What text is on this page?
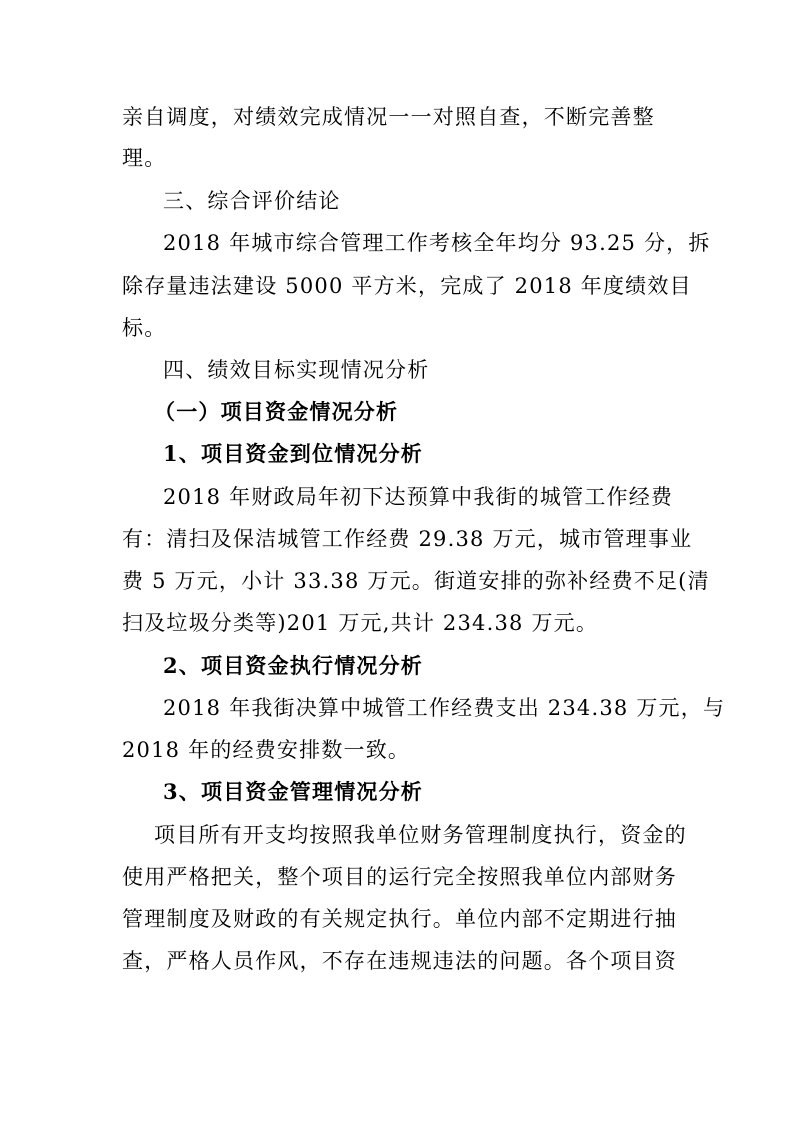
亲自调度，对绩效完成情况一一对照自查，不断完善整
理。
三、综合评价结论
2018 年城市综合管理工作考核全年均分 93.25 分，拆
除存量违法建设 5000 平方米，完成了 2018 年度绩效目
标。
四、绩效目标实现情况分析
（一）项目资金情况分析
1、项目资金到位情况分析
2018 年财政局年初下达预算中我街的城管工作经费
有：清扫及保洁城管工作经费 29.38 万元，城市管理事业
费 5 万元，小计 33.38 万元。街道安排的弥补经费不足(清
扫及垃圾分类等)201 万元,共计 234.38 万元。
2、项目资金执行情况分析
2018 年我街决算中城管工作经费支出 234.38 万元，与
2018 年的经费安排数一致。
3、项目资金管理情况分析
项目所有开支均按照我单位财务管理制度执行，资金的
使用严格把关，整个项目的运行完全按照我单位内部财务
管理制度及财政的有关规定执行。单位内部不定期进行抽
查，严格人员作风，不存在违规违法的问题。各个项目资
